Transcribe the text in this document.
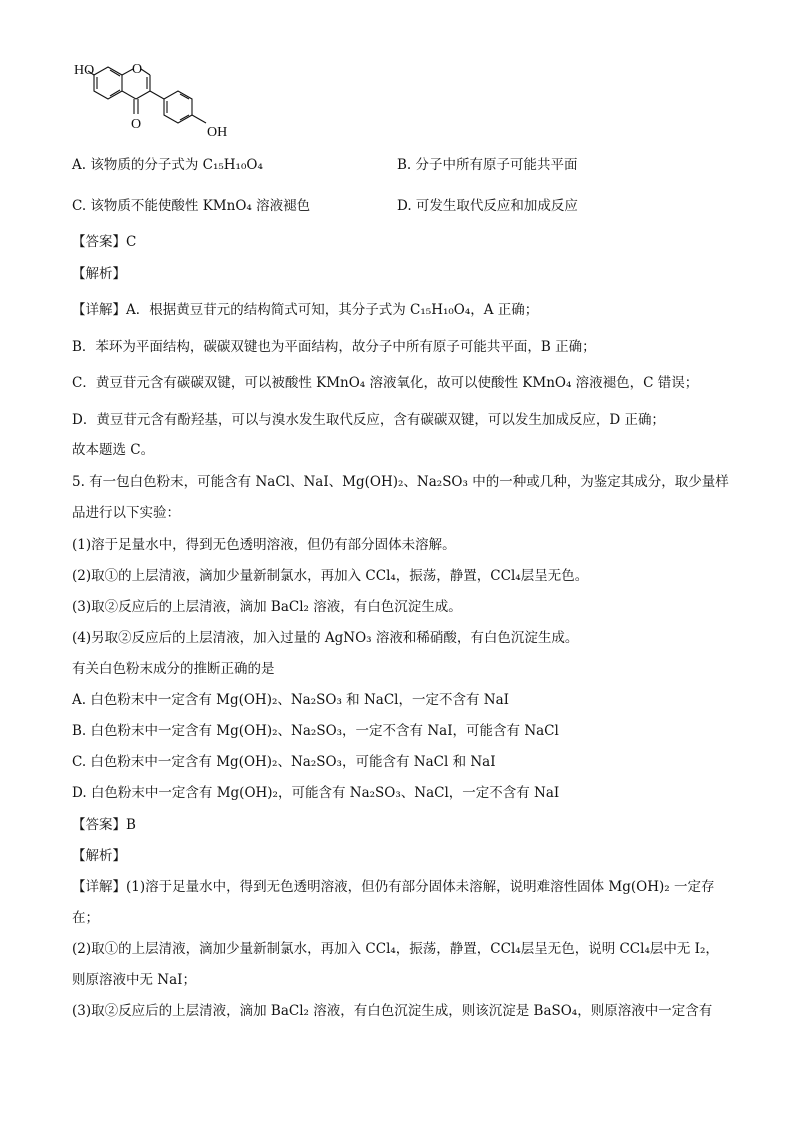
HO	O
O
OH
A. 该物质的分子式为 C₁₅H₁₀O₄	B. 分子中所有原子可能共平面
C. 该物质不能使酸性 KMnO₄ 溶液褪色	D. 可发生取代反应和加成反应
【答案】C
【解析】
【详解】A．根据黄豆苷元的结构简式可知，其分子式为 C₁₅H₁₀O₄，A 正确；
B．苯环为平面结构，碳碳双键也为平面结构，故分子中所有原子可能共平面，B 正确；
C．黄豆苷元含有碳碳双键，可以被酸性 KMnO₄ 溶液氧化，故可以使酸性 KMnO₄ 溶液褪色，C 错误；
D．黄豆苷元含有酚羟基，可以与溴水发生取代反应，含有碳碳双键，可以发生加成反应，D 正确；
故本题选 C。
5. 有一包白色粉末，可能含有 NaCl、NaI、Mg(OH)₂、Na₂SO₃ 中的一种或几种，为鉴定其成分，取少量样
品进行以下实验：
(1)溶于足量水中，得到无色透明溶液，但仍有部分固体未溶解。
(2)取①的上层清液，滴加少量新制氯水，再加入 CCl₄，振荡，静置，CCl₄层呈无色。
(3)取②反应后的上层清液，滴加 BaCl₂ 溶液，有白色沉淀生成。
(4)另取②反应后的上层清液，加入过量的 AgNO₃ 溶液和稀硝酸，有白色沉淀生成。
有关白色粉末成分的推断正确的是
A. 白色粉末中一定含有 Mg(OH)₂、Na₂SO₃ 和 NaCl，一定不含有 NaI
B. 白色粉末中一定含有 Mg(OH)₂、Na₂SO₃，一定不含有 NaI，可能含有 NaCl
C. 白色粉末中一定含有 Mg(OH)₂、Na₂SO₃，可能含有 NaCl 和 NaI
D. 白色粉末中一定含有 Mg(OH)₂，可能含有 Na₂SO₃、NaCl，一定不含有 NaI
【答案】B
【解析】
【详解】(1)溶于足量水中，得到无色透明溶液，但仍有部分固体未溶解，说明难溶性固体 Mg(OH)₂ 一定存
在；
(2)取①的上层清液，滴加少量新制氯水，再加入 CCl₄，振荡，静置，CCl₄层呈无色，说明 CCl₄层中无 I₂，
则原溶液中无 NaI；
(3)取②反应后的上层清液，滴加 BaCl₂ 溶液，有白色沉淀生成，则该沉淀是 BaSO₄，则原溶液中一定含有
